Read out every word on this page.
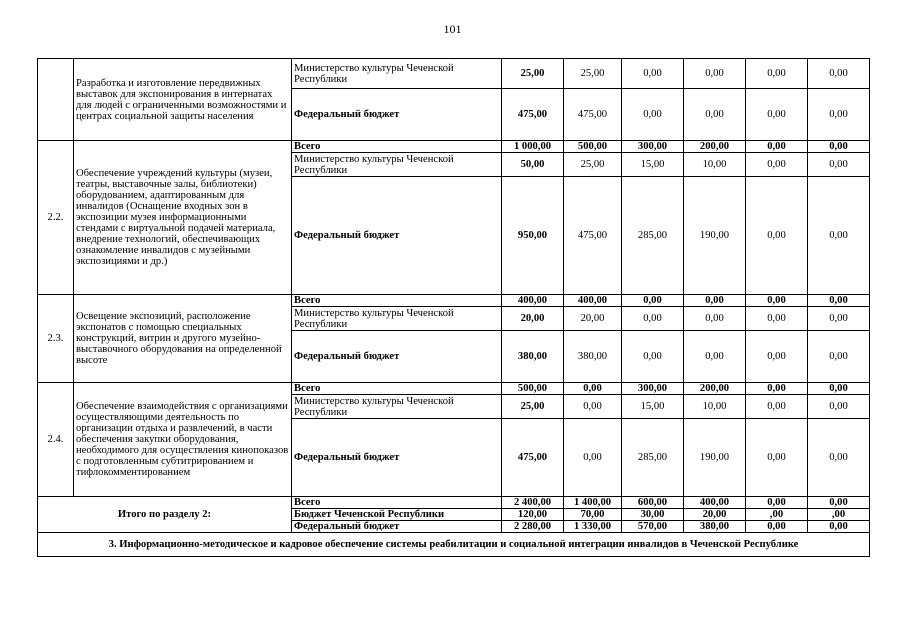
101
	Разработка и изготовление передвижных выставок для экспонирования в интернатах для людей с ограниченными возможностями и центрах социальной защиты населения	Министерство культуры Чеченской Республики	25,00	25,00	0,00	0,00	0,00	0,00
		Федеральный бюджет	475,00	475,00	0,00	0,00	0,00	0,00
2.2.	Обеспечение учреждений культуры (музеи, театры, выставочные залы, библиотеки) оборудованием, адаптированным для инвалидов (Оснащение входных зон в экспозиции музея информационными стендами с виртуальной подачей материала, внедрение технологий, обеспечивающих ознакомление инвалидов с музейными экспозициями и др.)	Всего	1 000,00	500,00	300,00	200,00	0,00	0,00
		Министерство культуры Чеченской Республики	50,00	25,00	15,00	10,00	0,00	0,00
		Федеральный бюджет	950,00	475,00	285,00	190,00	0,00	0,00
2.3.	Освещение экспозиций, расположение экспонатов с помощью специальных конструкций, витрин и другого музейно-выставочного оборудования на определенной высоте	Всего	400,00	400,00	0,00	0,00	0,00	0,00
		Министерство культуры Чеченской Республики	20,00	20,00	0,00	0,00	0,00	0,00
		Федеральный бюджет	380,00	380,00	0,00	0,00	0,00	0,00
2.4.	Обеспечение взаимодействия с организациями осуществляющими деятельность по организации отдыха и развлечений, в части обеспечения закупки оборудования, необходимого для осуществления кинопоказов с подготовленным субтитрированием и тифлокомментированием	Всего	500,00	0,00	300,00	200,00	0,00	0,00
		Министерство культуры Чеченской Республики	25,00	0,00	15,00	10,00	0,00	0,00
		Федеральный бюджет	475,00	0,00	285,00	190,00	0,00	0,00
Итого по разделу 2:		Всего	2 400,00	1 400,00	600,00	400,00	0,00	0,00
		Бюджет Чеченской Республики	120,00	70,00	30,00	20,00	,00	,00
		Федеральный бюджет	2 280,00	1 330,00	570,00	380,00	0,00	0,00
3. Информационно-методическое и кадровое обеспечение системы реабилитации и социальной интеграции инвалидов в Чеченской Республике								
